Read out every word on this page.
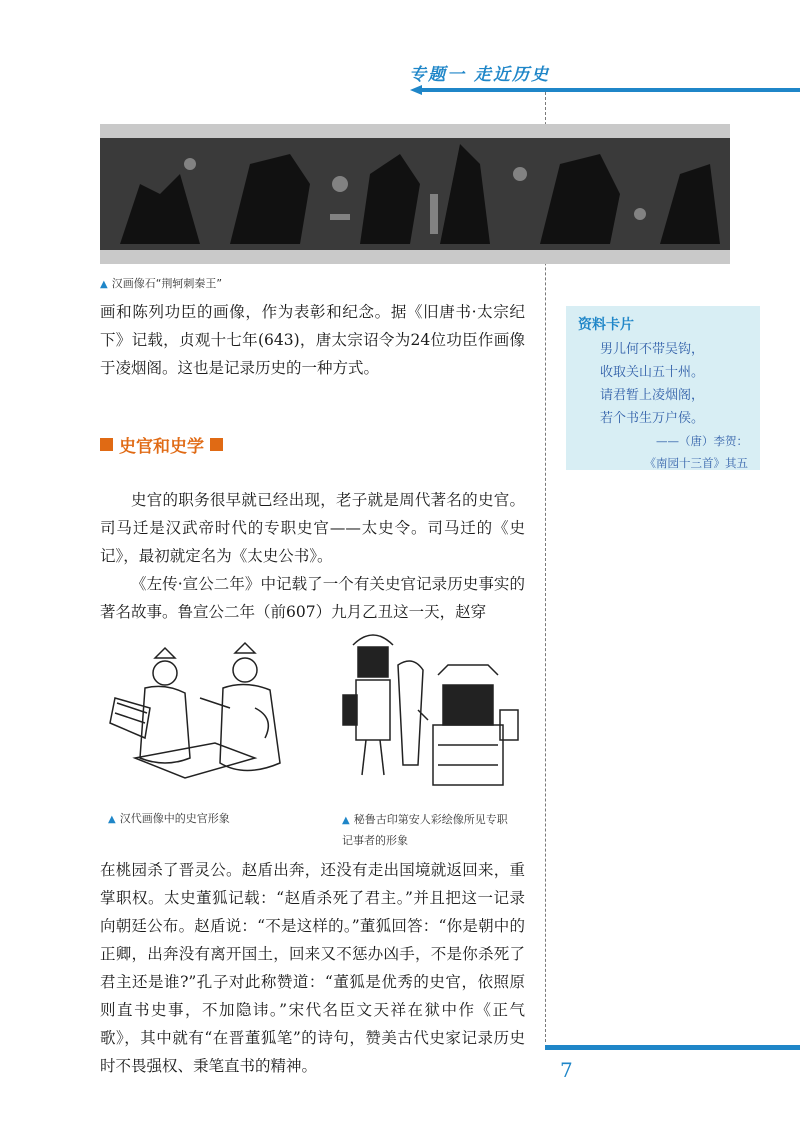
专题一 走近历史
▲ 汉画像石“荆轲刺秦王”
画和陈列功臣的画像，作为表彰和纪念。据《旧唐书·太宗纪下》记载，贞观十七年(643)，唐太宗诏令为24位功臣作画像于凌烟阁。这也是记录历史的一种方式。
资料卡片
男儿何不带吴钩，
收取关山五十州。
请君暂上凌烟阁，
若个书生万户侯。
——（唐）李贺：
《南园十三首》其五
史官和史学
史官的职务很早就已经出现，老子就是周代著名的史官。司马迁是汉武帝时代的专职史官——太史令。司马迁的《史记》，最初就定名为《太史公书》。
《左传·宣公二年》中记载了一个有关史官记录历史事实的著名故事。鲁宣公二年（前607）九月乙丑这一天，赵穿
▲ 汉代画像中的史官形象	▲ 秘鲁古印第安人彩绘像所见专职记事者的形象
在桃园杀了晋灵公。赵盾出奔，还没有走出国境就返回来，重掌职权。太史董狐记载：“赵盾杀死了君主。”并且把这一记录向朝廷公布。赵盾说：“不是这样的。”董狐回答：“你是朝中的正卿，出奔没有离开国土，回来又不惩办凶手，不是你杀死了君主还是谁?”孔子对此称赞道：“董狐是优秀的史官，依照原则直书史事，不加隐讳。”宋代名臣文天祥在狱中作《正气歌》，其中就有“在晋董狐笔”的诗句，赞美古代史家记录历史时不畏强权、秉笔直书的精神。	7
